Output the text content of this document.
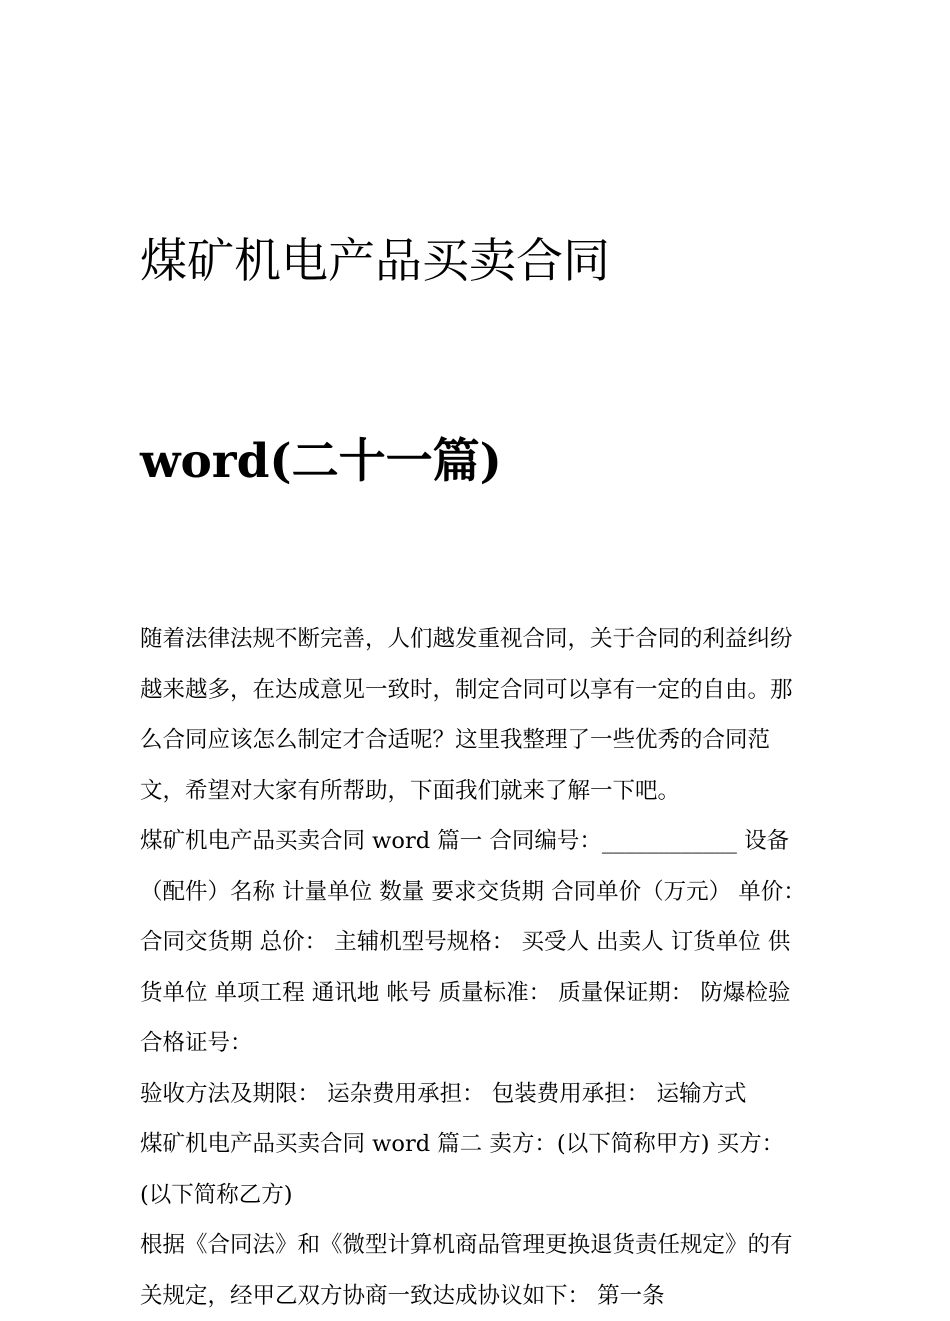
煤矿机电产品买卖合同

word(二十一篇)

随着法律法规不断完善，人们越发重视合同，关于合同的利益纠纷越来越多，在达成意见一致时，制定合同可以享有一定的自由。那么合同应该怎么制定才合适呢？这里我整理了一些优秀的合同范文，希望对大家有所帮助，下面我们就来了解一下吧。

煤矿机电产品买卖合同 word 篇一 合同编号：____________ 设备（配件）名称 计量单位 数量 要求交货期 合同单价（万元） 单价：

合同交货期 总价： 主辅机型号规格： 买受人 出卖人 订货单位 供货单位 单项工程 通讯地 帐号 质量标准： 质量保证期： 防爆检验合格证号：

验收方法及期限： 运杂费用承担： 包装费用承担： 运输方式

煤矿机电产品买卖合同 word 篇二 卖方：(以下简称甲方) 买方：(以下简称乙方)

根据《合同法》和《微型计算机商品管理更换退货责任规定》的有关规定，经甲乙双方协商一致达成协议如下： 第一条
